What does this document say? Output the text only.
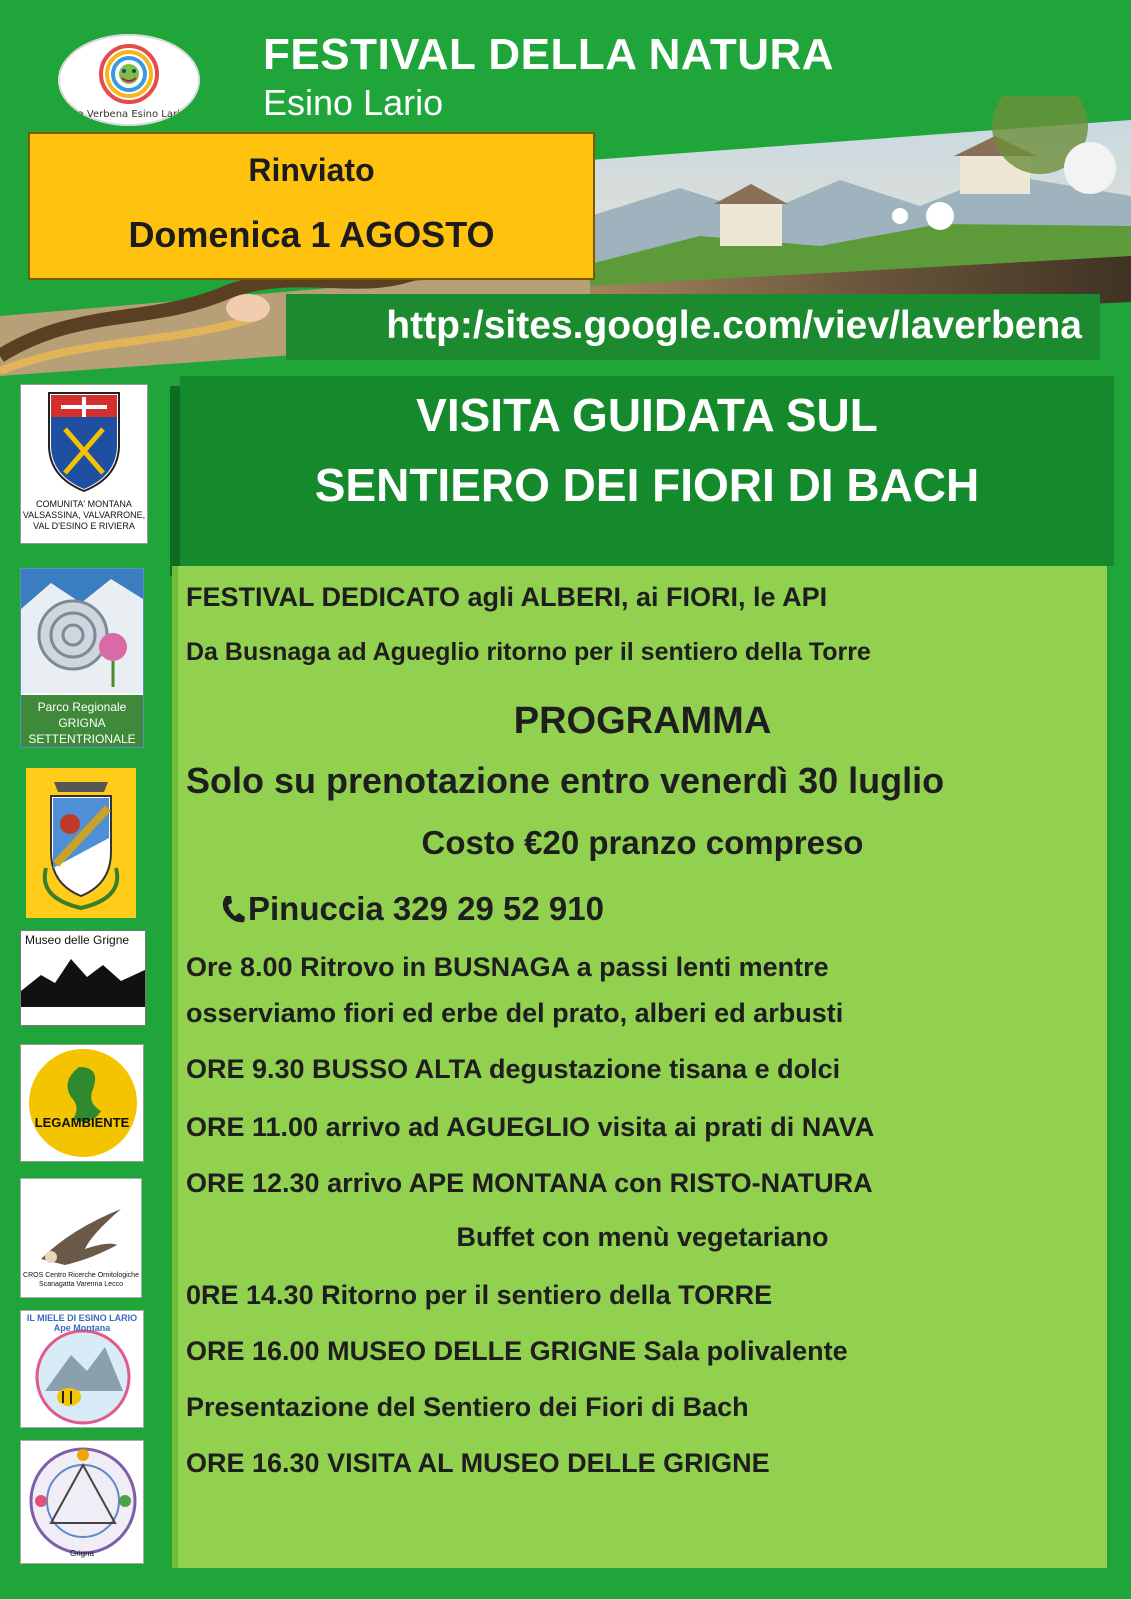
La Verbena Esino Lario
FESTIVAL DELLA NATURA
Esino Lario
Rinviato
Domenica 1 AGOSTO
http:/sites.google.com/viev/laverbena
VISITA GUIDATA SUL
SENTIERO DEI FIORI DI BACH
COMUNITA' MONTANA VALSASSINA, VALVARRONE, VAL D'ESINO E RIVIERA
Parco Regionale GRIGNA SETTENTRIONALE
Museo delle Grigne
LEGAMBIENTE
CROS Centro Ricerche Ornitologiche Scanagatta Varenna Lecco
IL MIELE DI ESINO LARIO Ape Montana
Grigna
FESTIVAL DEDICATO agli ALBERI, ai FIORI, le API
Da Busnaga ad Agueglio ritorno per il sentiero della Torre
PROGRAMMA
Solo su prenotazione entro venerdì 30 luglio
Costo €20 pranzo compreso
Pinuccia 329 29 52 910
Ore 8.00 Ritrovo in BUSNAGA a passi lenti mentre
osserviamo fiori ed erbe del prato, alberi ed arbusti
ORE 9.30 BUSSO ALTA degustazione tisana e dolci
ORE 11.00 arrivo ad AGUEGLIO visita ai prati di NAVA
ORE 12.30 arrivo APE MONTANA con RISTO-NATURA
Buffet con menù vegetariano
0RE 14.30 Ritorno per il sentiero della TORRE
ORE 16.00 MUSEO DELLE GRIGNE Sala polivalente
Presentazione del Sentiero dei Fiori di Bach
ORE 16.30 VISITA AL MUSEO DELLE GRIGNE
